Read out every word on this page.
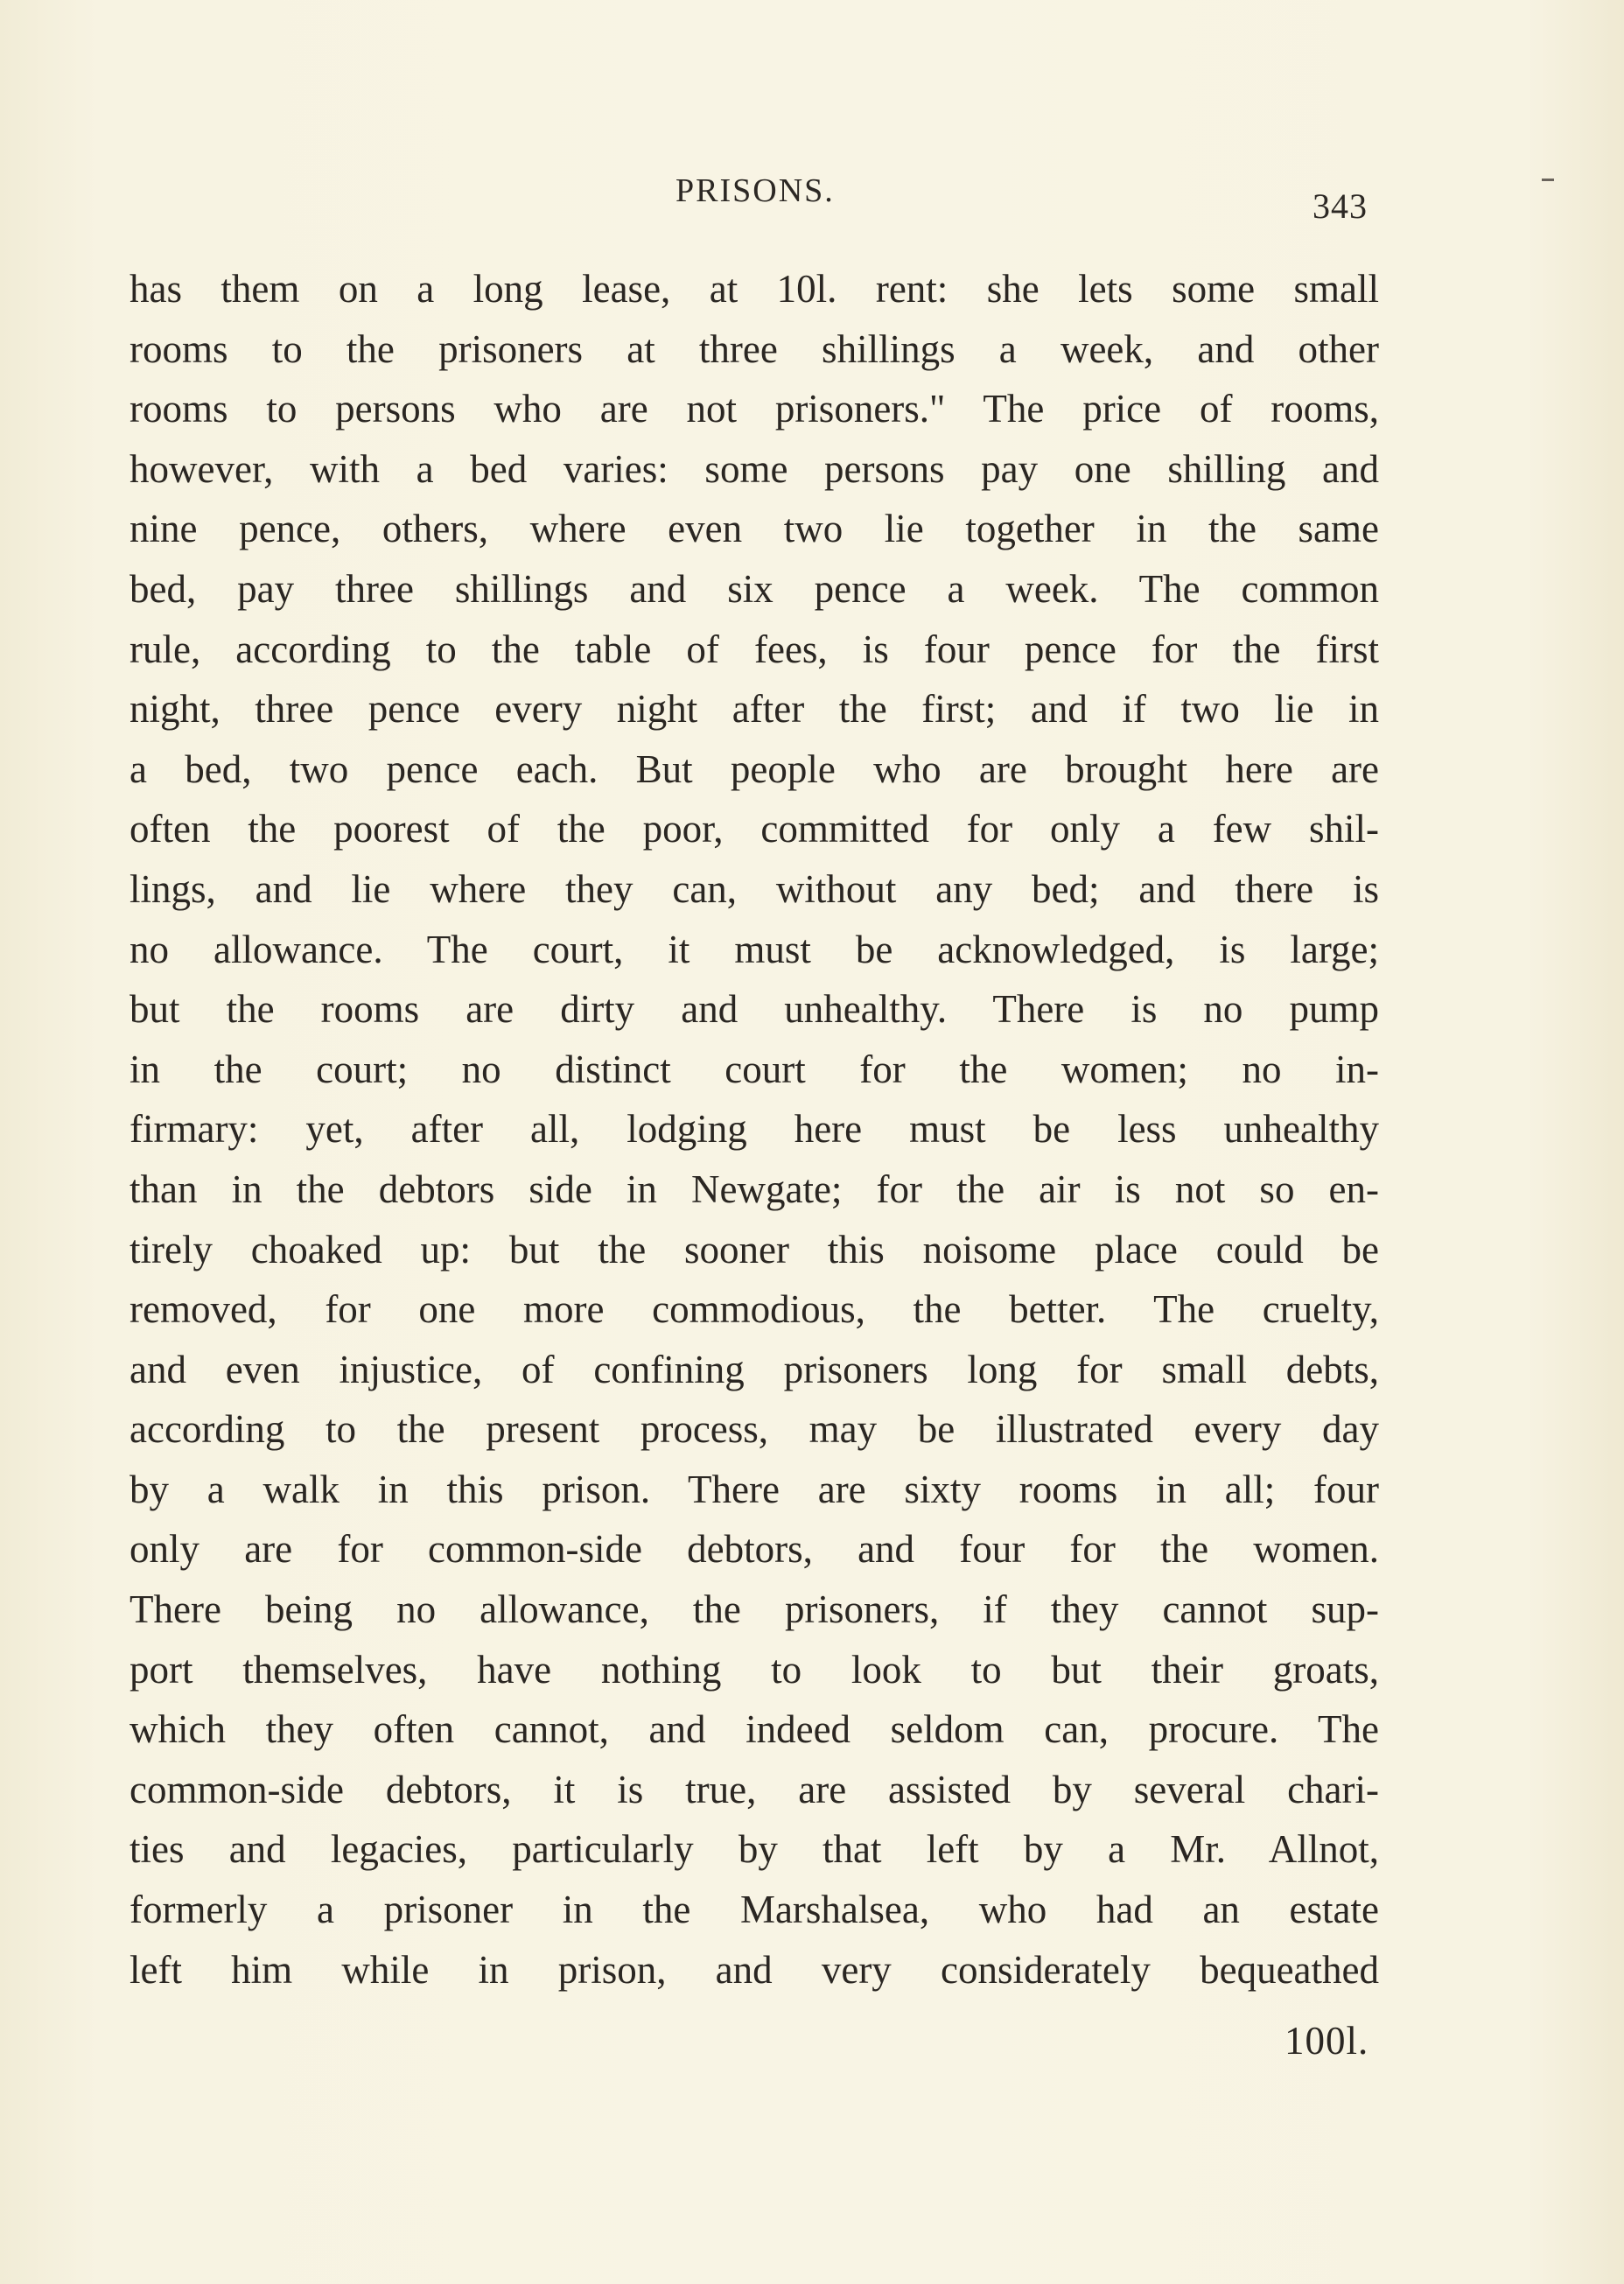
PRISONS.	343
has them on a long lease, at 10l. rent: she lets some small
rooms to the prisoners at three shillings a week, and other
rooms to persons who are not prisoners." The price of rooms,
however, with a bed varies: some persons pay one shilling and
nine pence, others, where even two lie together in the same
bed, pay three shillings and six pence a week. The common
rule, according to the table of fees, is four pence for the first
night, three pence every night after the first; and if two lie in
a bed, two pence each. But people who are brought here are
often the poorest of the poor, committed for only a few shil-
lings, and lie where they can, without any bed; and there is
no allowance. The court, it must be acknowledged, is large;
but the rooms are dirty and unhealthy. There is no pump
in the court; no distinct court for the women; no in-
firmary: yet, after all, lodging here must be less unhealthy
than in the debtors side in Newgate; for the air is not so en-
tirely choaked up: but the sooner this noisome place could be
removed, for one more commodious, the better. The cruelty,
and even injustice, of confining prisoners long for small debts,
according to the present process, may be illustrated every day
by a walk in this prison. There are sixty rooms in all; four
only are for common-side debtors, and four for the women.
There being no allowance, the prisoners, if they cannot sup-
port themselves, have nothing to look to but their groats,
which they often cannot, and indeed seldom can, procure. The
common-side debtors, it is true, are assisted by several chari-
ties and legacies, particularly by that left by a Mr. Allnot,
formerly a prisoner in the Marshalsea, who had an estate
left him while in prison, and very considerately bequeathed
100l.
